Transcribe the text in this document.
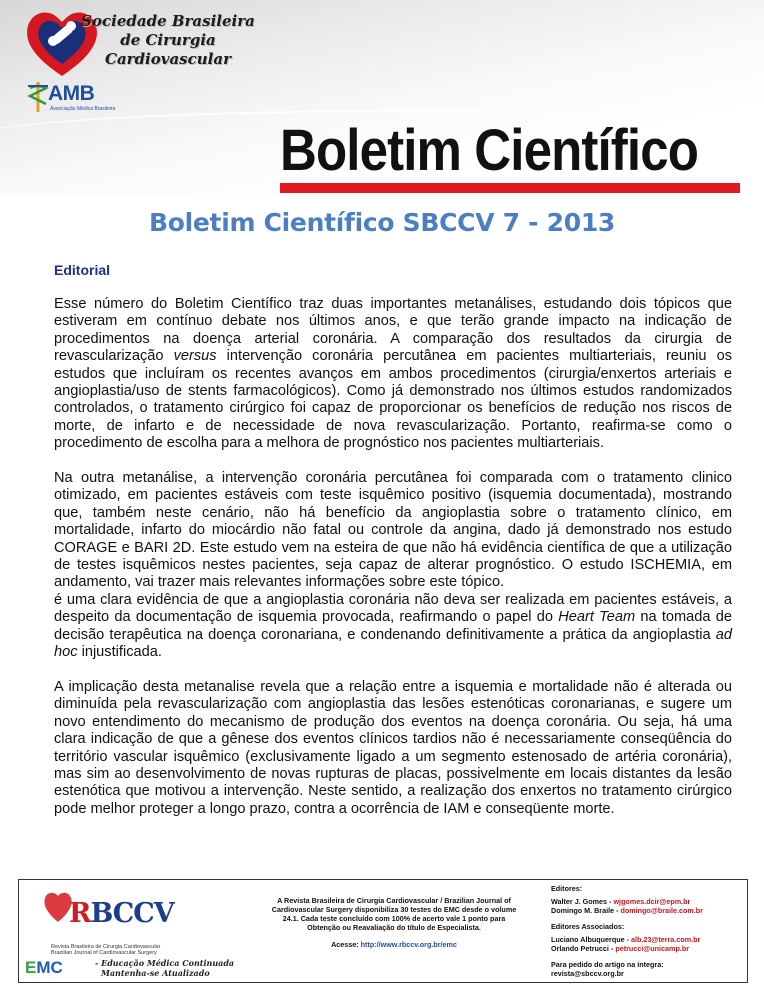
Sociedade Brasileira
de Cirurgia
Cardiovascular
AMB
Associação Médica Brasileira
Boletim Científico
Boletim Científico SBCCV 7 - 2013
Editorial

Esse número do Boletim Científico traz duas importantes metanálises, estudando dois tópicos que estiveram em contínuo debate nos últimos anos, e que terão grande impacto na indicação de procedimentos na doença arterial coronária. A comparação dos resultados da cirurgia de revascularização versus intervenção coronária percutânea em pacientes multiarteriais, reuniu os estudos que incluíram os recentes avanços em ambos procedimentos (cirurgia/enxertos arteriais e angioplastia/uso de stents farmacológicos). Como já demonstrado nos últimos estudos randomizados controlados, o tratamento cirúrgico foi capaz de proporcionar os benefícios de redução nos riscos de morte, de infarto e de necessidade de nova revascularização. Portanto, reafirma-se como o procedimento de escolha para a melhora de prognóstico nos pacientes multiarteriais.

Na outra metanálise, a intervenção coronária percutânea foi comparada com o tratamento clinico otimizado, em pacientes estáveis com teste isquêmico positivo (isquemia documentada), mostrando que, também neste cenário, não há benefício da angioplastia sobre o tratamento clínico, em mortalidade, infarto do miocárdio não fatal ou controle da angina, dado já demonstrado nos estudo CORAGE e BARI 2D. Este estudo vem na esteira de que não há evidência científica de que a utilização de testes isquêmicos nestes pacientes, seja capaz de alterar prognóstico. O estudo ISCHEMIA, em andamento, vai trazer mais relevantes informações sobre este tópico.

é uma clara evidência de que a angioplastia coronária não deva ser realizada em pacientes estáveis, a despeito da documentação de isquemia provocada, reafirmando o papel do Heart Team na tomada de decisão terapêutica na doença coronariana, e condenando definitivamente a prática da angioplastia ad hoc injustificada.

A implicação desta metanalise revela que a relação entre a isquemia e mortalidade não é alterada ou diminuída pela revascularização com angioplastia das lesões estenóticas coronarianas, e sugere um novo entendimento do mecanismo de produção dos eventos na doença coronária. Ou seja, há uma clara indicação de que a gênese dos eventos clínicos tardios não é necessariamente conseqüência do território vascular isquêmico (exclusivamente ligado a um segmento estenosado de artéria coronária), mas sim ao desenvolvimento de novas rupturas de placas, possivelmente em locais distantes da lesão estenótica que motivou a intervenção. Neste sentido, a realização dos enxertos no tratamento cirúrgico pode melhor proteger a longo prazo, contra a ocorrência de IAM e conseqüente morte.

RBCCV
Revista Brasileira de Cirurgia Cardiovascular
Brazilian Journal of Cardiovascular Surgery
EMC	- Educação Médica Continuada
Mantenha-se Atualizado
A Revista Brasileira de Cirurgia Cardiovascular / Brazilian Journal of Cardiovascular Surgery disponibiliza 30 testes do EMC desde o volume 24.1. Cada teste concluído com 100% de acerto vale 1 ponto para Obtenção ou Reavaliação do título de Especialista.
Acesse: http://www.rbccv.org.br/emc
Editores:
Walter J. Gomes - wjgomes.dcir@epm.br
Domingo M. Braile - domingo@braile.com.br
Editores Associados:
Luciano Albuquerque - alb.23@terra.com.br
Orlando Petrucci - petrucci@unicamp.br
Para pedido do artigo na íntegra:
revista@sbccv.org.br
